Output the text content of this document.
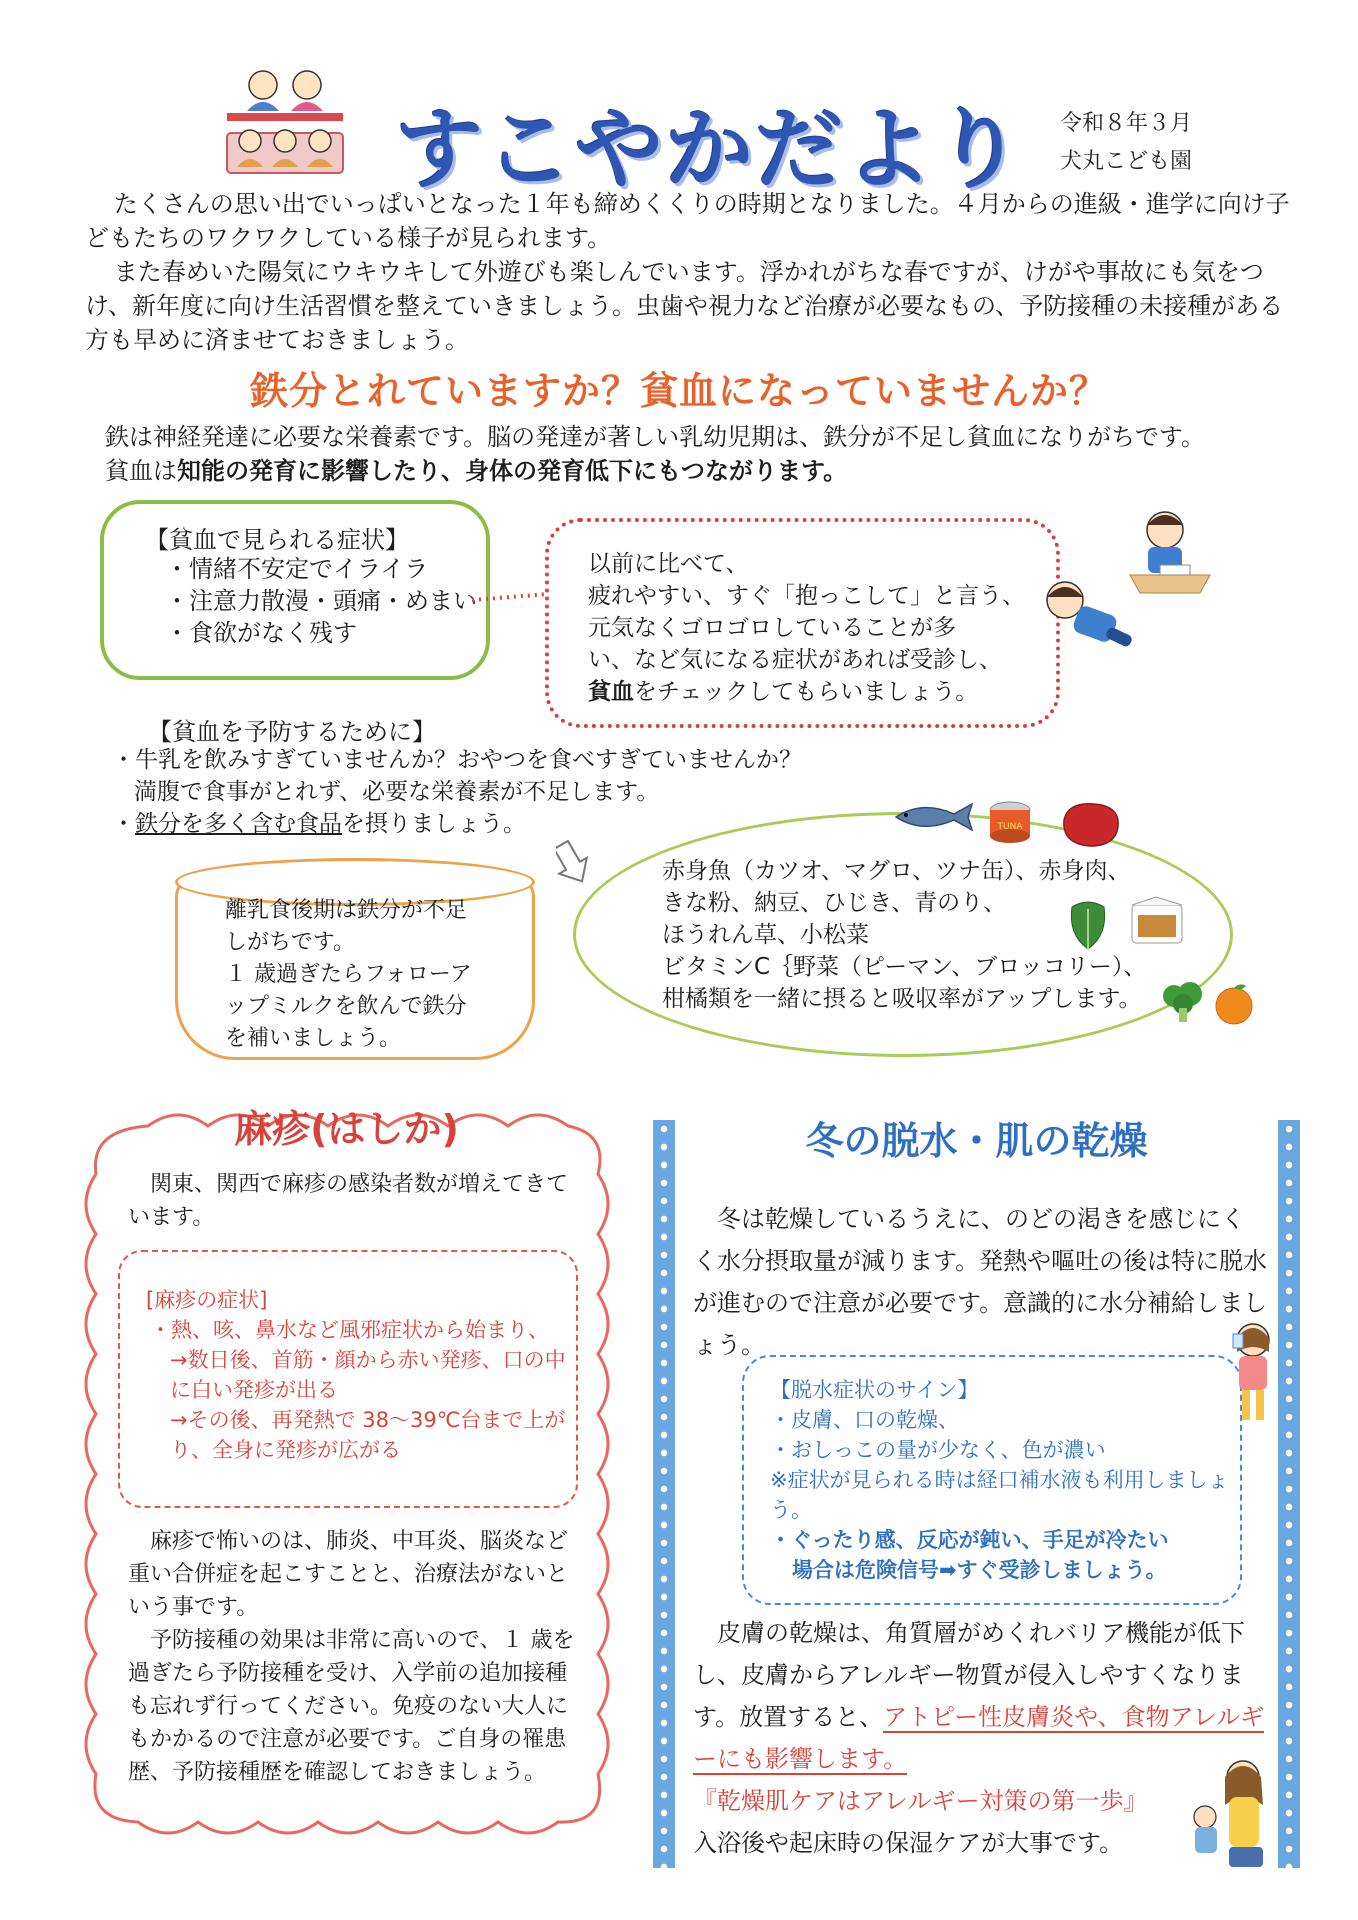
すこやかだより 令和８年３月
犬丸こども園

たくさんの思い出でいっぱいとなった１年も締めくくりの時期となりました。４月からの進級・進学に向け子どもたちのワクワクしている様子が見られます。

また春めいた陽気にウキウキして外遊びも楽しんでいます。浮かれがちな春ですが、けがや事故にも気をつけ、新年度に向け生活習慣を整えていきましょう。虫歯や視力など治療が必要なもの、予防接種の未接種がある方も早めに済ませておきましょう。

鉄分とれていますか？貧血になっていませんか？
鉄は神経発達に必要な栄養素です。脳の発達が著しい乳幼児期は、鉄分が不足し貧血になりがちです。
貧血は知能の発育に影響したり、身体の発育低下にもつながります。
【貧血で見られる症状】
・ 情緒不安定でイライラ
・ 注意力散漫・頭痛・めまい
・ 食欲がなく残す
以前に比べて、
疲れやすい、すぐ「抱っこして」と言う、
元気なくゴロゴロしていることが多
い、など気になる症状があれば受診し、
貧血をチェックしてもらいましょう。
【貧血を予防するために】
・牛乳を飲みすぎていませんか？おやつを食べすぎていませんか？
満腹で食事がとれず、必要な栄養素が不足します。
・鉄分を多く含む食品を摂りましょう。
離乳食後期は鉄分が不足
しがちです。
１ 歳過ぎたらフォローア
ップミルクを飲んで鉄分
を補いましょう。
赤身魚（カツオ、マグロ、ツナ缶）、赤身肉、
きな粉、納豆、ひじき、青のり、
ほうれん草、小松菜
ビタミンC｛野菜（ピーマン、ブロッコリー）、
柑橘類を一緒に摂ると吸収率がアップします。
TUNA
麻疹(はしか)
関東、関西で麻疹の感染者数が増えてきています。
[麻疹の症状]
・熱、咳、鼻水など風邪症状から始まり、
→数日後、首筋・顔から赤い発疹、口の中に白い発疹が出る
→その後、再発熱で 38～39℃台まで上がり、全身に発疹が広がる

麻疹で怖いのは、肺炎、中耳炎、脳炎など重い合併症を起こすことと、治療法がないという事です。

予防接種の効果は非常に高いので、１ 歳を過ぎたら予防接種を受け、入学前の追加接種も忘れず行ってください。免疫のない大人にもかかるので注意が必要です。ご自身の罹患歴、予防接種歴を確認しておきましょう。

冬の脱水・肌の乾燥

冬は乾燥しているうえに、のどの渇きを感じにくく水分摂取量が減ります。発熱や嘔吐の後は特に脱水が進むので注意が必要です。意識的に水分補給しましょう。

【脱水症状のサイン】
・皮膚、口の乾燥、
・おしっこの量が少なく、色が濃い
※症状が見られる時は経口補水液も利用しましょう。
・ぐったり感、反応が鈍い、手足が冷たい
場合は危険信号➡すぐ受診しましょう。

皮膚の乾燥は、角質層がめくれバリア機能が低下し、皮膚からアレルギー物質が侵入しやすくなります。放置すると、アトピー性皮膚炎や、食物アレルギーにも影響します。

『乾燥肌ケアはアレルギー対策の第一歩』

入浴後や起床時の保湿ケアが大事です。
